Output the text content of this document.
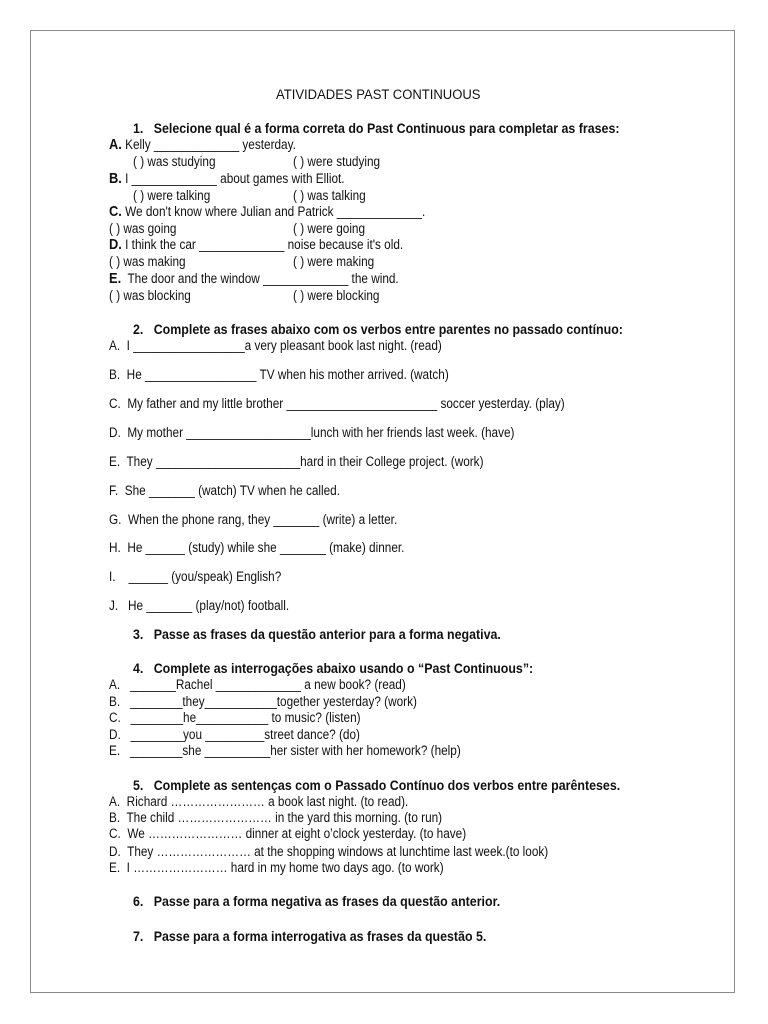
ATIVIDADES PAST CONTINUOUS
1.   Selecione qual é a forma correta do Past Continuous para completar as frases:
A. Kelly _____________ yesterday.
( ) was studying	( ) were studying
B. I _____________ about games with Elliot.
( ) were talking	( ) was talking
C. We don't know where Julian and Patrick _____________.
( ) was going	( ) were going
D. I think the car _____________ noise because it's old.
( ) was making	( ) were making
E.  The door and the window _____________ the wind.
( ) was blocking	( ) were blocking
2.   Complete as frases abaixo com os verbos entre parentes no passado contínuo:
A.  I _________________a very pleasant book last night. (read)
B.  He _________________ TV when his mother arrived. (watch)
C.  My father and my little brother _______________________ soccer yesterday. (play)
D.  My mother ___________________lunch with her friends last week. (have)
E.  They ______________________hard in their College project. (work)
F.  She _______ (watch) TV when he called.
G.  When the phone rang, they _______ (write) a letter.
H.  He ______ (study) while she _______ (make) dinner.
I.    ______ (you/speak) English?
J.   He _______ (play/not) football.
3.   Passe as frases da questão anterior para a forma negativa.
4.   Complete as interrogações abaixo usando o “Past Continuous”:
A.   _______Rachel _____________ a new book? (read)
B.   ________they___________together yesterday? (work)
C.   ________he___________ to music? (listen)
D.   ________you _________street dance? (do)
E.   ________she __________her sister with her homework? (help)
5.   Complete as sentenças com o Passado Contínuo dos verbos entre parênteses.
A.  Richard …………………… a book last night. (to read).
B.  The child …………………… in the yard this morning. (to run)
C.  We …………………… dinner at eight o’clock yesterday. (to have)
D.  They …………………… at the shopping windows at lunchtime last week.(to look)
E.  I …………………… hard in my home two days ago. (to work)
6.   Passe para a forma negativa as frases da questão anterior.
7.   Passe para a forma interrogativa as frases da questão 5.
